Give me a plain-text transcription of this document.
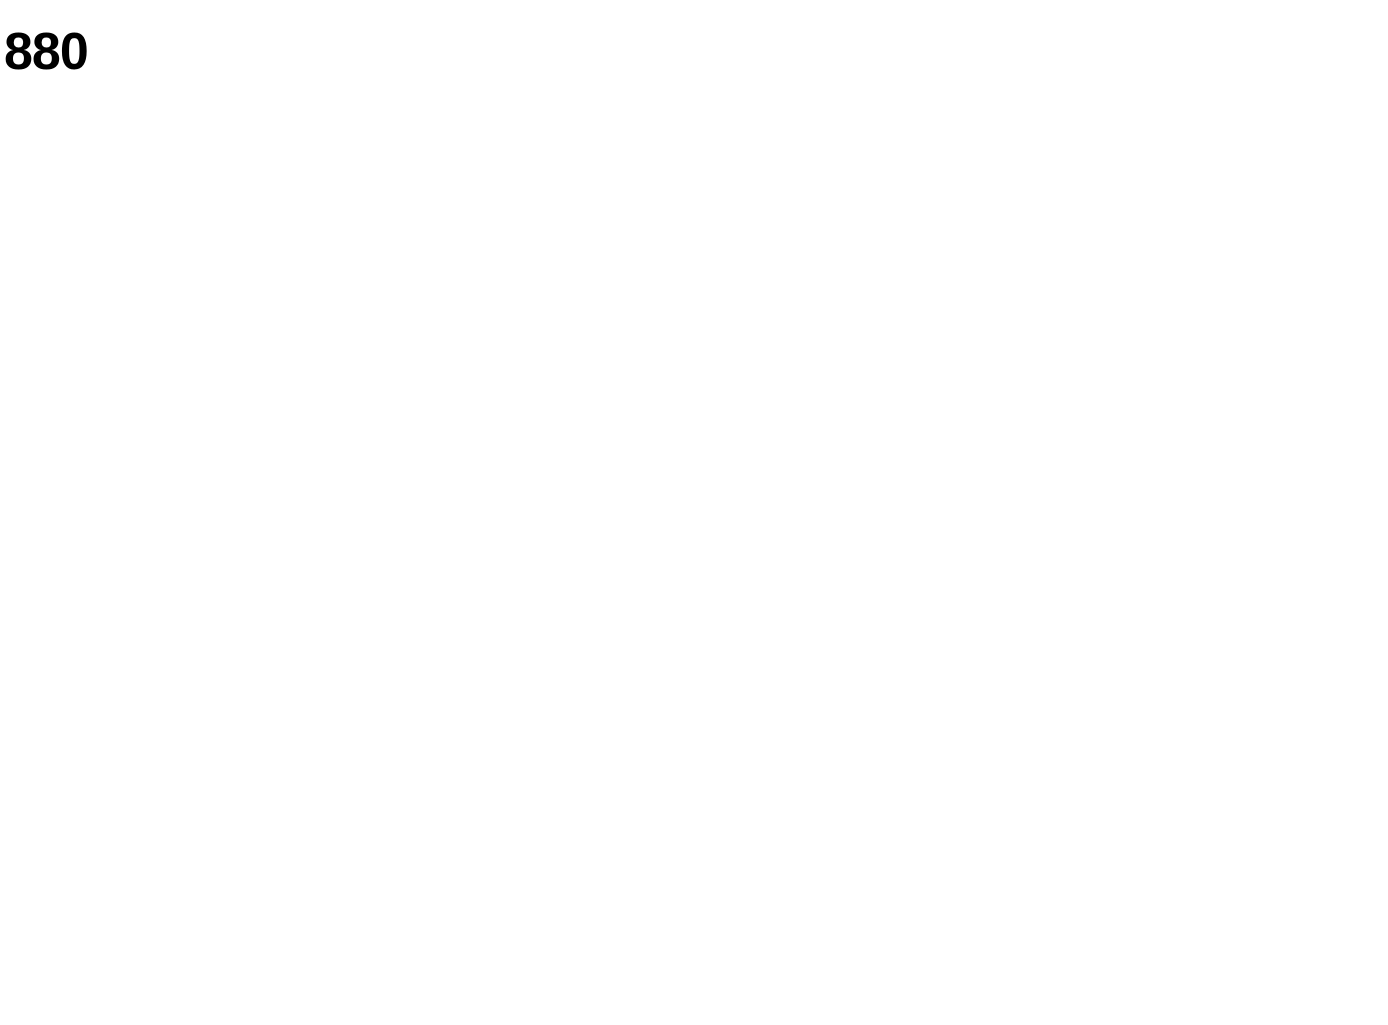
880
